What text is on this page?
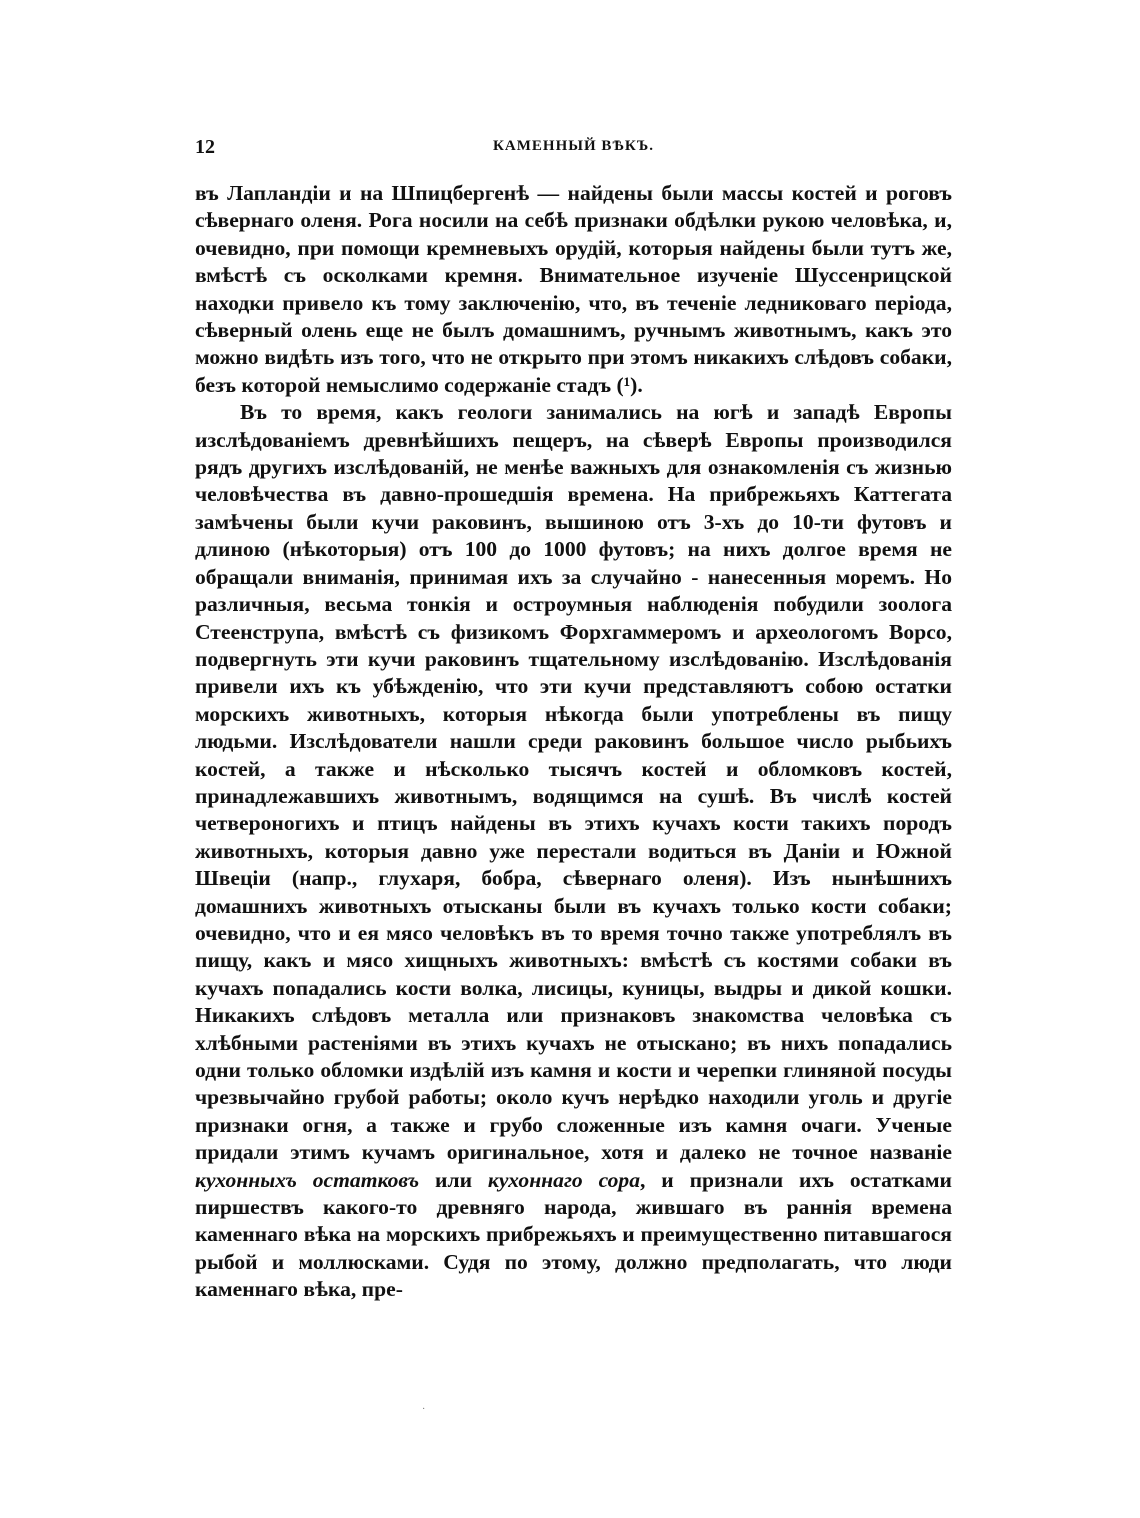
12	КАМЕННЫЙ ВѢКЪ.

въ Лапландіи и на Шпицбергенѣ — найдены были массы костей и роговъ сѣвернаго оленя. Рога носили на себѣ признаки обдѣлки рукою человѣка, и, очевидно, при помощи кремневыхъ орудій, которыя найдены были тутъ же, вмѣстѣ съ осколками кремня. Внимательное изученіе Шуссенрицской находки привело къ тому заключенію, что, въ теченіе ледниковаго періода, сѣверный олень еще не былъ домашнимъ, ручнымъ животнымъ, какъ это можно видѣть изъ того, что не открыто при этомъ никакихъ слѣдовъ собаки, безъ которой немыслимо содержаніе стадъ (¹).

Въ то время, какъ геологи занимались на югѣ и западѣ Европы изслѣдованіемъ древнѣйшихъ пещеръ, на сѣверѣ Европы производился рядъ другихъ изслѣдованій, не менѣе важныхъ для ознакомленія съ жизнью человѣчества въ давно-прошедшія времена. На прибрежьяхъ Каттегата замѣчены были кучи раковинъ, вышиною отъ 3-хъ до 10-ти футовъ и длиною (нѣкоторыя) отъ 100 до 1000 футовъ; на нихъ долгое время не обращали вниманія, принимая ихъ за случайно - нанесенныя моремъ. Но различныя, весьма тонкія и остроумныя наблюденія побудили зоолога Стеенструпа, вмѣстѣ съ физикомъ Форхгаммеромъ и археологомъ Ворсо, подвергнуть эти кучи раковинъ тщательному изслѣдованію. Изслѣдованія привели ихъ къ убѣжденію, что эти кучи представляютъ собою остатки морскихъ животныхъ, которыя нѣкогда были употреблены въ пищу людьми. Изслѣдователи нашли среди раковинъ большое число рыбьихъ костей, а также и нѣсколько тысячъ костей и обломковъ костей, принадлежавшихъ животнымъ, водящимся на сушѣ. Въ числѣ костей четвероногихъ и птицъ найдены въ этихъ кучахъ кости такихъ породъ животныхъ, которыя давно уже перестали водиться въ Даніи и Южной Швеціи (напр., глухаря, бобра, сѣвернаго оленя). Изъ нынѣшнихъ домашнихъ животныхъ отысканы были въ кучахъ только кости собаки; очевидно, что и ея мясо человѣкъ въ то время точно также употреблялъ въ пищу, какъ и мясо хищныхъ животныхъ: вмѣстѣ съ костями собаки въ кучахъ попадались кости волка, лисицы, куницы, выдры и дикой кошки. Никакихъ слѣдовъ металла или признаковъ знакомства человѣка съ хлѣбными растеніями въ этихъ кучахъ не отыскано; въ нихъ попадались одни только обломки издѣлій изъ камня и кости и черепки глиняной посуды чрезвычайно грубой работы; около кучъ нерѣдко находили уголь и другіе признаки огня, а также и грубо сложенные изъ камня очаги. Ученые придали этимъ кучамъ оригинальное, хотя и далеко не точное названіе кухонныхъ остатковъ или кухоннаго сора, и признали ихъ остатками пиршествъ какого-то древняго народа, жившаго въ раннія времена каменнаго вѣка на морскихъ прибрежьяхъ и преимущественно питавшагося рыбой и моллюсками. Судя по этому, должно предполагать, что люди каменнаго вѣка, пре-

·
